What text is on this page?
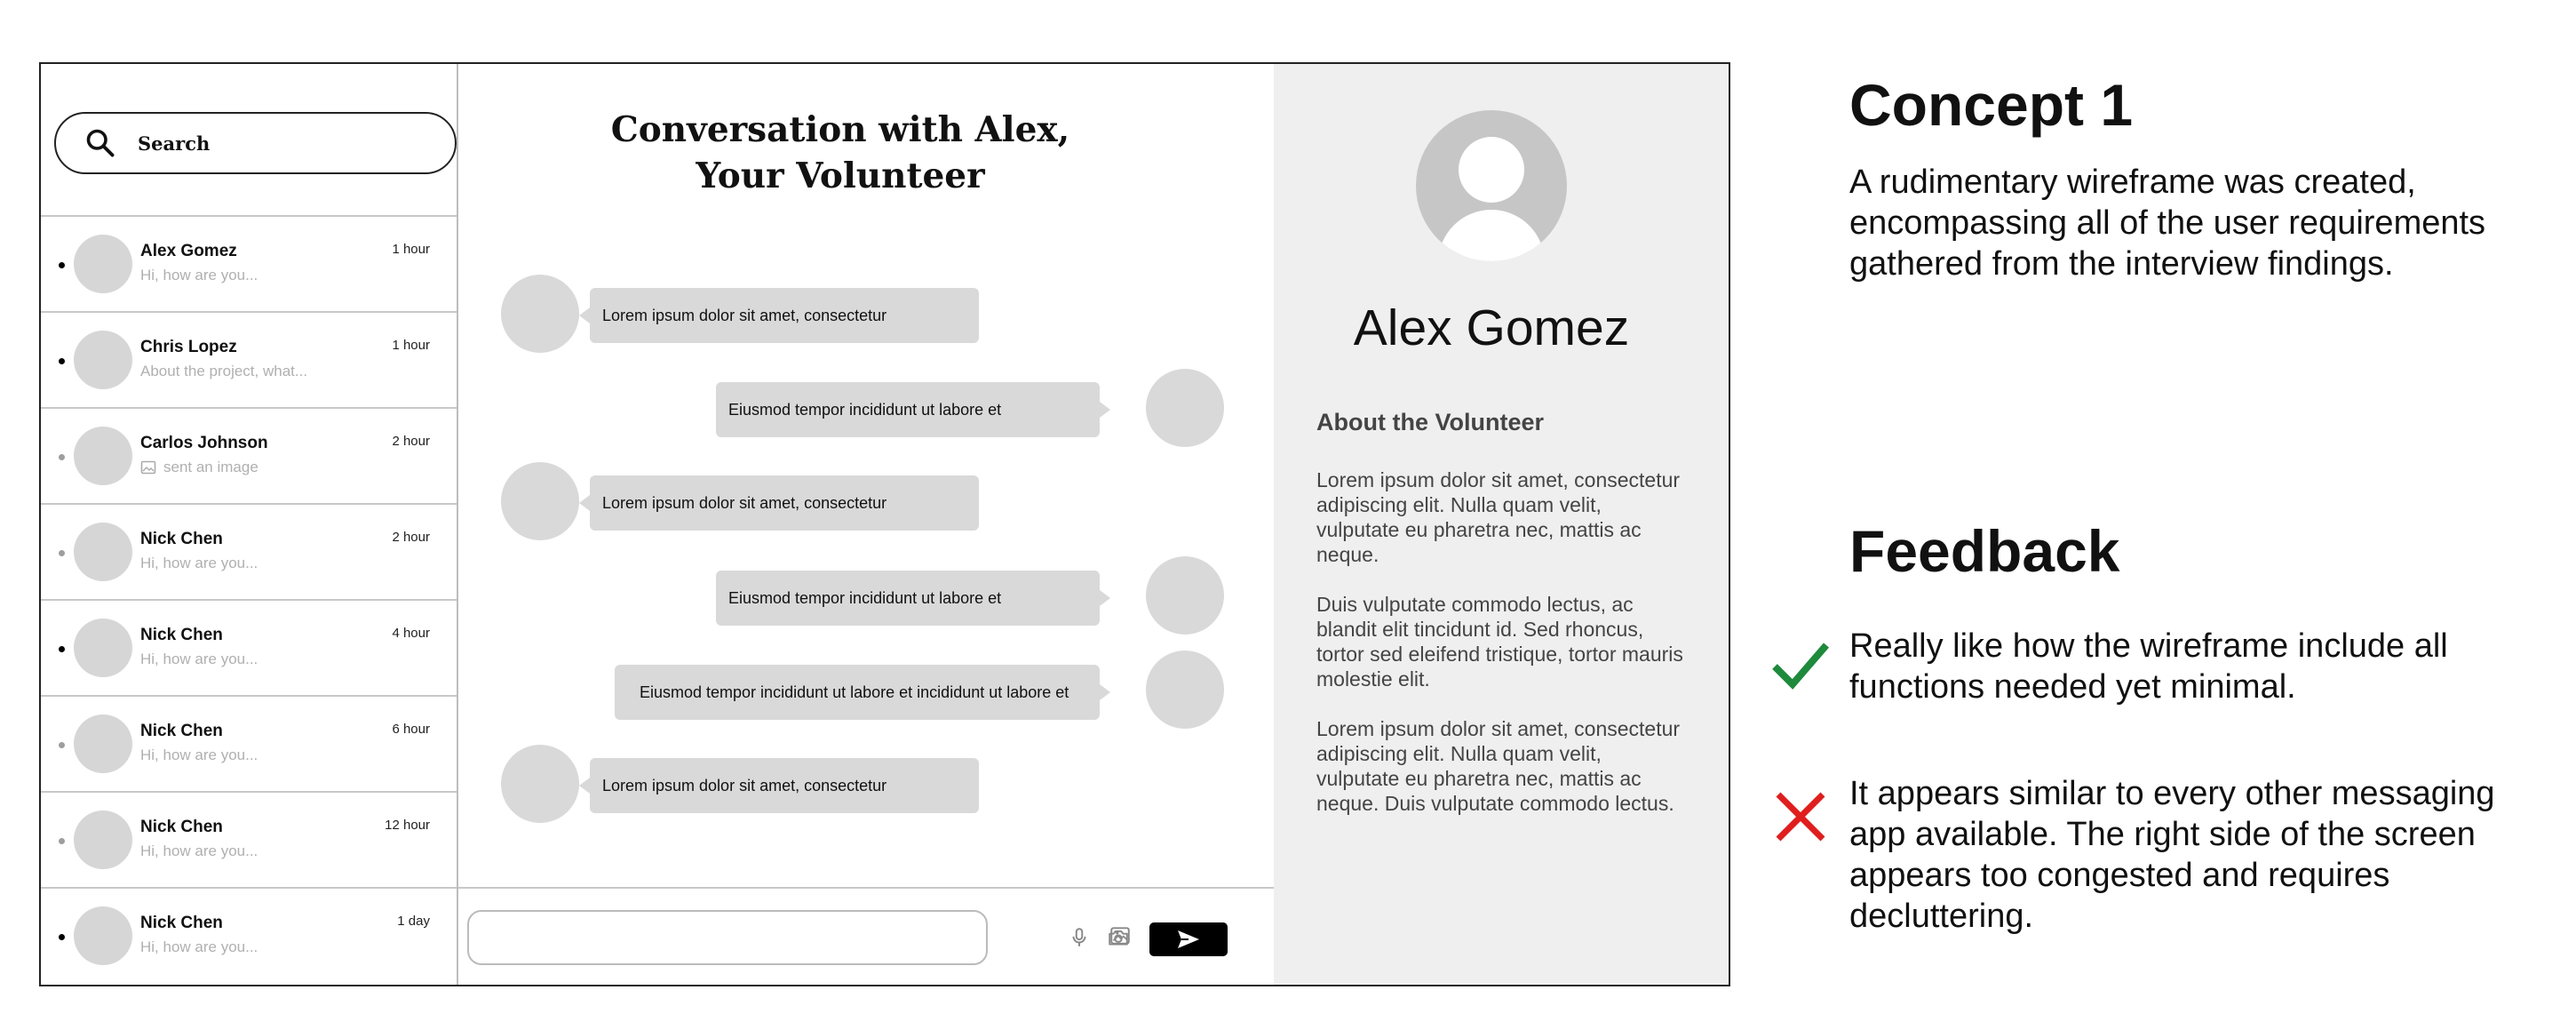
Search
Alex Gomez	1 hour
Hi, how are you...
Chris Lopez	1 hour
About the project, what...
Carlos Johnson	2 hour
sent an image
Nick Chen	2 hour
Hi, how are you...
Nick Chen	4 hour
Hi, how are you...
Nick Chen	6 hour
Hi, how are you...
Nick Chen	12 hour
Hi, how are you...
Nick Chen	1 day
Hi, how are you...
Conversation with Alex,
Your Volunteer
Lorem ipsum dolor sit amet, consectetur
Eiusmod tempor incididunt ut labore et
Lorem ipsum dolor sit amet, consectetur
Eiusmod tempor incididunt ut labore et
Eiusmod tempor incididunt ut labore et incididunt ut labore et
Lorem ipsum dolor sit amet, consectetur
Alex Gomez
About the Volunteer

Lorem ipsum dolor sit amet, consectetur adipiscing elit. Nulla quam velit, vulputate eu pharetra nec, mattis ac neque.

Duis vulputate commodo lectus, ac blandit elit tincidunt id. Sed rhoncus, tortor sed eleifend tristique, tortor mauris molestie elit.

Lorem ipsum dolor sit amet, consectetur adipiscing elit. Nulla quam velit, vulputate eu pharetra nec, mattis ac neque. Duis vulputate commodo lectus.

Concept 1

A rudimentary wireframe was created, encompassing all of the user requirements gathered from the interview findings.

Feedback

Really like how the wireframe include all functions needed yet minimal.

It appears similar to every other messaging app available. The right side of the screen appears too congested and requires decluttering.
